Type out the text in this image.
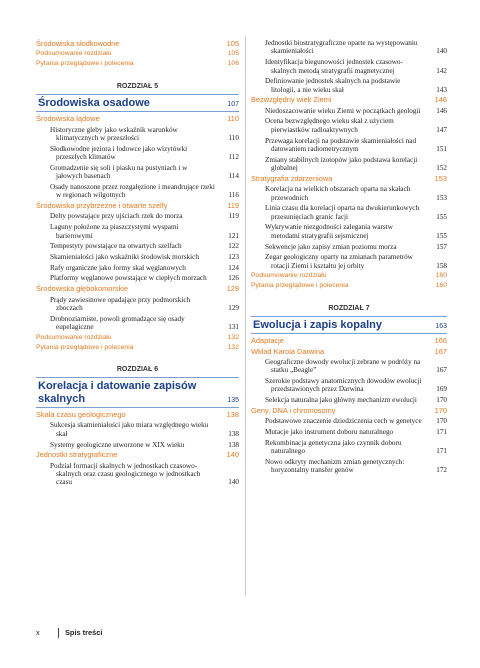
Środowiska słodkowodne	105
Podsumowanie rozdziału	105
Pytania przeglądowe i polecenia	106
ROZDZIAŁ 5
Środowiska osadowe	107
Środowiska lądowe	110
Historyczne gleby jako wskaźnik warunków klimatycznych w przeszłości	110
Słodkowodne jeziora i lodowce jako wizytówki przeszłych klimatów	112
Gromadzenie się soli i piasku na pustyniach i w jałowych basenach	114
Osady nanoszone przez rozgałęzione i meandrujące rzeki w regionach wilgotnych	116
Środowiska przybrzeżne i otwarte szelfy	119
Delty powstające przy ujściach rzek do morza	119
Laguny położone za piaszczystymi wyspami barierowymi	121
Tempestyty powstające na otwartych szelfach	122
Skamieniałości jako wskaźniki środowisk morskich	123
Rafy organiczne jako formy skał węglanowych	124
Platformy węglanowe powstające w ciepłych morzach	126
Środowiska głębokomorskie	129
Prądy zawiesinowe opadające przy podmorskich zboczach	129
Drobnoziarniste, powoli gromadzące się osady eupelagiczne	131
Podsumowanie rozdziału	132
Pytania przeglądowe i polecenia	132
ROZDZIAŁ 6
Korelacja i datowanie zapisów skalnych	135
Skala czasu geologicznego	138
Sukcesja skamieniałości jako miara względnego wieku skał	138
Systemy geologiczne utworzone w XIX wieku	138
Jednostki stratygraficzne	140
Podział formacji skalnych w jednostkach czasowo-skalnych oraz czasu geologicznego w jednostkach czasu	140
Jednostki biostratygraficzne oparte na występowaniu skamieniałości	140
Identyfikacja biegunowości jednostek czasowo-skalnych metodą stratygrafii magnetycznej	142
Definiowanie jednostek skalnych na podstawie litologii, a nie wieku skał	143
Bezwzględny wiek Ziemi	146
Niedoszacowanie wieku Ziemi w początkach geologii	146
Ocena bezwzględnego wieku skał z użyciem pierwiastków radioaktywnych	147
Przewaga korelacji na podstawie skamieniałości nad datowaniem radiometrycznym	151
Zmiany stabilnych izotopów jako podstawa korelacji globalnej	152
Stratygrafia zdarzeniowa	153
Korelacja na wielkich obszarach oparta na skałach przewodnich	153
Linia czasu dla korelacji oparta na dwukierunkowych przesunięciach granic facji	155
Wykrywanie niezgodności zalegania warstw metodami stratygrafii sejsmicznej	155
Sekwencje jako zapisy zmian poziomu morza	157
Zegar geologiczny oparty na zmianach parametrów rotacji Ziemi i kształtu jej orbity	158
Podsumowanie rozdziału	160
Pytania przeglądowe i polecenia	160
ROZDZIAŁ 7
Ewolucja i zapis kopalny	163
Adaptacje	166
Wkład Karola Darwina	167
Geograficzne dowody ewolucji zebrane w podróży na statku „Beagle”	167
Szerokie podstawy anatomicznych dowodów ewolucji przedstawionych przez Darwina	169
Selekcja naturalna jako główny mechanizm ewolucji	170
Geny, DNA i chromosomy	170
Podstawowe znaczenie dziedziczenia cech w genetyce	170
Mutacje jako instrument doboru naturalnego	171
Rekombinacja genetyczna jako czynnik doboru naturalnego	171
Nowo odkryty mechanizm zmian genetycznych: horyzontalny transfer genów	172
x	Spis treści
